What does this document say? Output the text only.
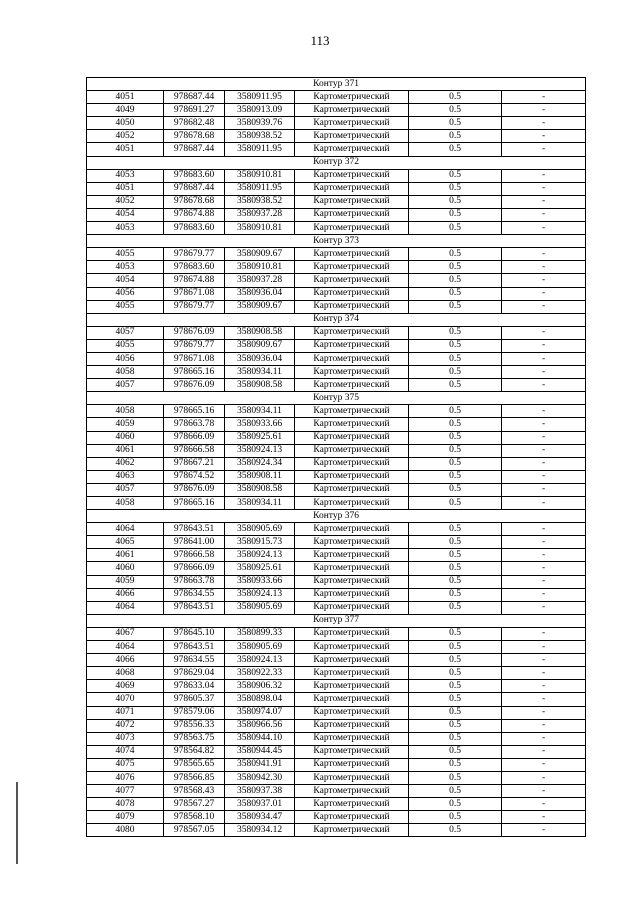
113
Контур 371					
4051	978687.44	3580911.95	Картометрический	0.5	-
4049	978691.27	3580913.09	Картометрический	0.5	-
4050	978682.48	3580939.76	Картометрический	0.5	-
4052	978678.68	3580938.52	Картометрический	0.5	-
4051	978687.44	3580911.95	Картометрический	0.5	-
Контур 372					
4053	978683.60	3580910.81	Картометрический	0.5	-
4051	978687.44	3580911.95	Картометрический	0.5	-
4052	978678.68	3580938.52	Картометрический	0.5	-
4054	978674.88	3580937.28	Картометрический	0.5	-
4053	978683.60	3580910.81	Картометрический	0.5	-
Контур 373					
4055	978679.77	3580909.67	Картометрический	0.5	-
4053	978683.60	3580910.81	Картометрический	0.5	-
4054	978674.88	3580937.28	Картометрический	0.5	-
4056	978671.08	3580936.04	Картометрический	0.5	-
4055	978679.77	3580909.67	Картометрический	0.5	-
Контур 374					
4057	978676.09	3580908.58	Картометрический	0.5	-
4055	978679.77	3580909.67	Картометрический	0.5	-
4056	978671.08	3580936.04	Картометрический	0.5	-
4058	978665.16	3580934.11	Картометрический	0.5	-
4057	978676.09	3580908.58	Картометрический	0.5	-
Контур 375					
4058	978665.16	3580934.11	Картометрический	0.5	-
4059	978663.78	3580933.66	Картометрический	0.5	-
4060	978666.09	3580925.61	Картометрический	0.5	-
4061	978666.58	3580924.13	Картометрический	0.5	-
4062	978667.21	3580924.34	Картометрический	0.5	-
4063	978674.52	3580908.11	Картометрический	0.5	-
4057	978676.09	3580908.58	Картометрический	0.5	-
4058	978665.16	3580934.11	Картометрический	0.5	-
Контур 376					
4064	978643.51	3580905.69	Картометрический	0.5	-
4065	978641.00	3580915.73	Картометрический	0.5	-
4061	978666.58	3580924.13	Картометрический	0.5	-
4060	978666.09	3580925.61	Картометрический	0.5	-
4059	978663.78	3580933.66	Картометрический	0.5	-
4066	978634.55	3580924.13	Картометрический	0.5	-
4064	978643.51	3580905.69	Картометрический	0.5	-
Контур 377					
4067	978645.10	3580899.33	Картометрический	0.5	-
4064	978643.51	3580905.69	Картометрический	0.5	-
4066	978634.55	3580924.13	Картометрический	0.5	-
4068	978629.04	3580922.33	Картометрический	0.5	-
4069	978633.04	3580906.32	Картометрический	0.5	-
4070	978605.37	3580898.04	Картометрический	0.5	-
4071	978579.06	3580974.07	Картометрический	0.5	-
4072	978556.33	3580966.56	Картометрический	0.5	-
4073	978563.75	3580944.10	Картометрический	0.5	-
4074	978564.82	3580944.45	Картометрический	0.5	-
4075	978565.65	3580941.91	Картометрический	0.5	-
4076	978566.85	3580942.30	Картометрический	0.5	-
4077	978568.43	3580937.38	Картометрический	0.5	-
4078	978567.27	3580937.01	Картометрический	0.5	-
4079	978568.10	3580934.47	Картометрический	0.5	-
4080	978567.05	3580934.12	Картометрический	0.5	-
